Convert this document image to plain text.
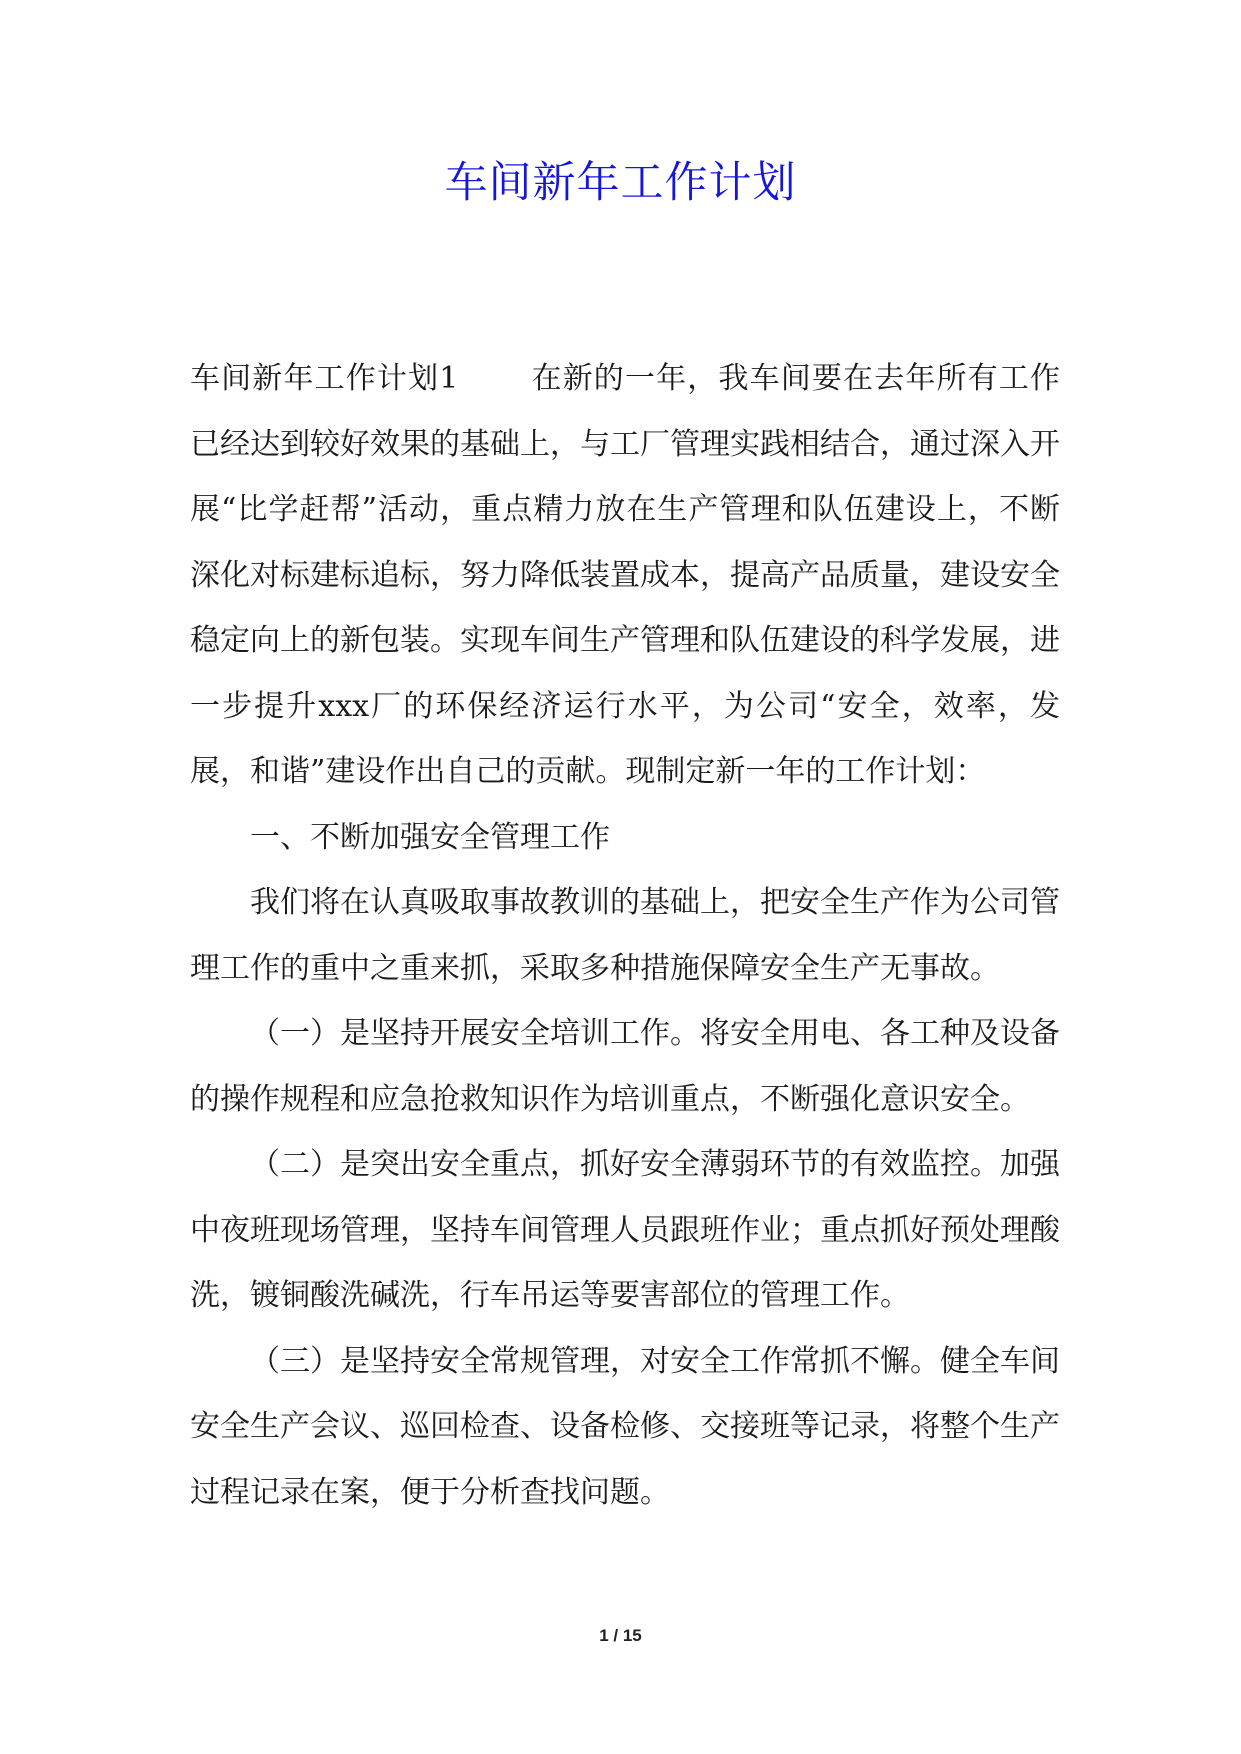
车间新年工作计划

车间新年工作计划1 在新的一年，我车间要在去年所有工作已经达到较好效果的基础上，与工厂管理实践相结合，通过深入开展“比学赶帮”活动，重点精力放在生产管理和队伍建设上，不断深化对标建标追标，努力降低装置成本，提高产品质量，建设安全稳定向上的新包装。实现车间生产管理和队伍建设的科学发展，进一步提升xxx厂的环保经济运行水平，为公司“安全，效率，发展，和谐”建设作出自己的贡献。现制定新一年的工作计划：

一、不断加强安全管理工作

我们将在认真吸取事故教训的基础上，把安全生产作为公司管理工作的重中之重来抓，采取多种措施保障安全生产无事故。

（一）是坚持开展安全培训工作。将安全用电、各工种及设备的操作规程和应急抢救知识作为培训重点，不断强化意识安全。

（二）是突出安全重点，抓好安全薄弱环节的有效监控。加强中夜班现场管理，坚持车间管理人员跟班作业；重点抓好预处理酸洗，镀铜酸洗碱洗，行车吊运等要害部位的管理工作。

（三）是坚持安全常规管理，对安全工作常抓不懈。健全车间安全生产会议、巡回检查、设备检修、交接班等记录，将整个生产过程记录在案，便于分析查找问题。

1 / 15
